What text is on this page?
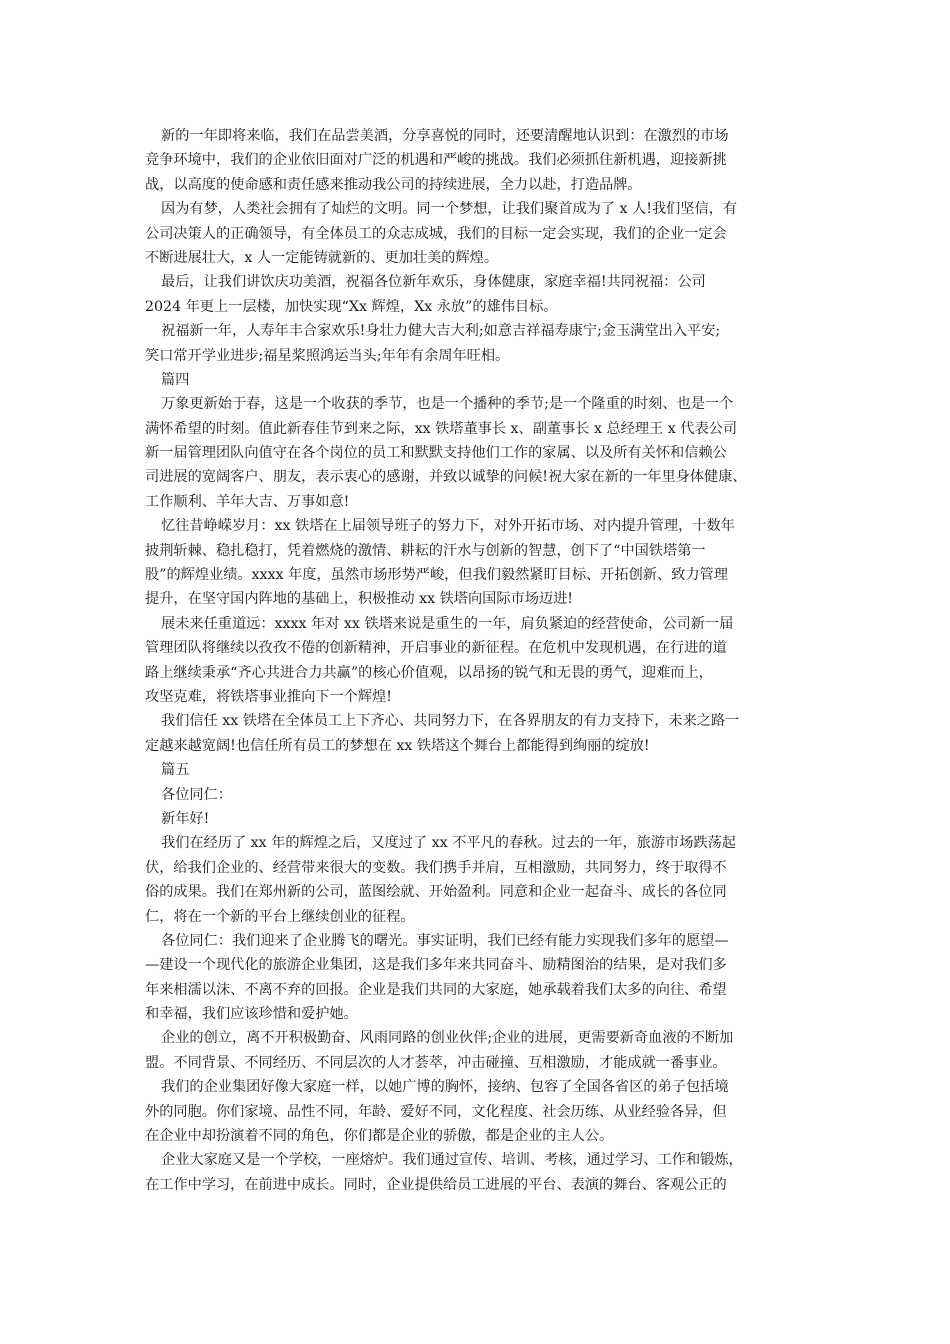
新的一年即将来临，我们在品尝美酒，分享喜悦的同时，还要清醒地认识到：在激烈的市场
竞争环境中，我们的企业依旧面对广泛的机遇和严峻的挑战。我们必须抓住新机遇，迎接新挑
战，以高度的使命感和责任感来推动我公司的持续进展，全力以赴，打造品牌。
因为有梦，人类社会拥有了灿烂的文明。同一个梦想，让我们聚首成为了 x 人!我们坚信，有
公司决策人的正确领导，有全体员工的众志成城，我们的目标一定会实现，我们的企业一定会
不断进展壮大，x 人一定能铸就新的、更加壮美的辉煌。
最后，让我们讲饮庆功美酒，祝福各位新年欢乐，身体健康，家庭幸福!共同祝福：公司
2024 年更上一层楼，加快实现“Xx 辉煌，Xx 永放”的雄伟目标。
祝福新一年，人寿年丰合家欢乐!身壮力健大吉大利;如意吉祥福寿康宁;金玉满堂出入平安;
笑口常开学业进步;福星桨照鸿运当头;年年有余周年旺相。
篇四
万象更新始于春，这是一个收获的季节，也是一个播种的季节;是一个隆重的时刻、也是一个
满怀希望的时刻。值此新春佳节到来之际，xx 铁塔董事长 x、副董事长 x 总经理王 x 代表公司
新一届管理团队向值守在各个岗位的员工和默默支持他们工作的家属、以及所有关怀和信赖公
司进展的宽阔客户、朋友，表示衷心的感谢，并致以诚挚的问候!祝大家在新的一年里身体健康、
工作顺利、羊年大吉、万事如意!
忆往昔峥嵘岁月：xx 铁塔在上届领导班子的努力下，对外开拓市场、对内提升管理，十数年
披荆斩棘、稳扎稳打，凭着燃烧的激情、耕耘的汗水与创新的智慧，创下了“中国铁塔第一
股”的辉煌业绩。xxxx 年度，虽然市场形势严峻，但我们毅然紧盯目标、开拓创新、致力管理
提升，在坚守国内阵地的基础上，积极推动 xx 铁塔向国际市场迈进!
展未来任重道远：xxxx 年对 xx 铁塔来说是重生的一年，肩负紧迫的经营使命，公司新一届
管理团队将继续以孜孜不倦的创新精神，开启事业的新征程。在危机中发现机遇，在行进的道
路上继续秉承“齐心共进合力共赢”的核心价值观，以昂扬的锐气和无畏的勇气，迎难而上，
攻坚克难，将铁塔事业推向下一个辉煌!
我们信任 xx 铁塔在全体员工上下齐心、共同努力下，在各界朋友的有力支持下，未来之路一
定越来越宽阔!也信任所有员工的梦想在 xx 铁塔这个舞台上都能得到绚丽的绽放!
篇五
各位同仁：
新年好!
我们在经历了 xx 年的辉煌之后，又度过了 xx 不平凡的春秋。过去的一年，旅游市场跌荡起
伏，给我们企业的、经营带来很大的变数。我们携手并肩，互相激励，共同努力，终于取得不
俗的成果。我们在郑州新的公司，蓝图绘就、开始盈利。同意和企业一起奋斗、成长的各位同
仁，将在一个新的平台上继续创业的征程。
各位同仁：我们迎来了企业腾飞的曙光。事实证明，我们已经有能力实现我们多年的愿望—
—建设一个现代化的旅游企业集团，这是我们多年来共同奋斗、励精图治的结果，是对我们多
年来相濡以沫、不离不弃的回报。企业是我们共同的大家庭，她承载着我们太多的向往、希望
和幸福，我们应该珍惜和爱护她。
企业的创立，离不开积极勤奋、风雨同路的创业伙伴;企业的进展，更需要新奇血液的不断加
盟。不同背景、不同经历、不同层次的人才荟萃，冲击碰撞、互相激励，才能成就一番事业。
我们的企业集团好像大家庭一样，以她广博的胸怀，接纳、包容了全国各省区的弟子包括境
外的同胞。你们家境、品性不同，年龄、爱好不同，文化程度、社会历练、从业经验各异，但
在企业中却扮演着不同的角色，你们都是企业的骄傲，都是企业的主人公。
企业大家庭又是一个学校，一座熔炉。我们通过宣传、培训、考核，通过学习、工作和锻炼，
在工作中学习，在前进中成长。同时，企业提供给员工进展的平台、表演的舞台、客观公正的
